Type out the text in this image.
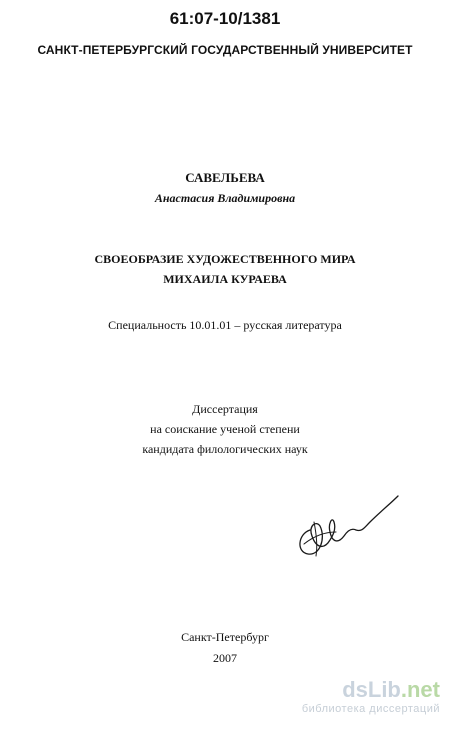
61:07-10/1381
САНКТ-ПЕТЕРБУРГСКИЙ ГОСУДАРСТВЕННЫЙ УНИВЕРСИТЕТ
САВЕЛЬЕВА
Анастасия Владимировна
СВОЕОБРАЗИЕ ХУДОЖЕСТВЕННОГО МИРА
МИХАИЛА КУРАЕВА
Специальность 10.01.01 – русская литература
Диссертация
на соискание ученой степени
кандидата филологических наук
Санкт-Петербург
2007
dsLib.net
библиотека диссертаций
